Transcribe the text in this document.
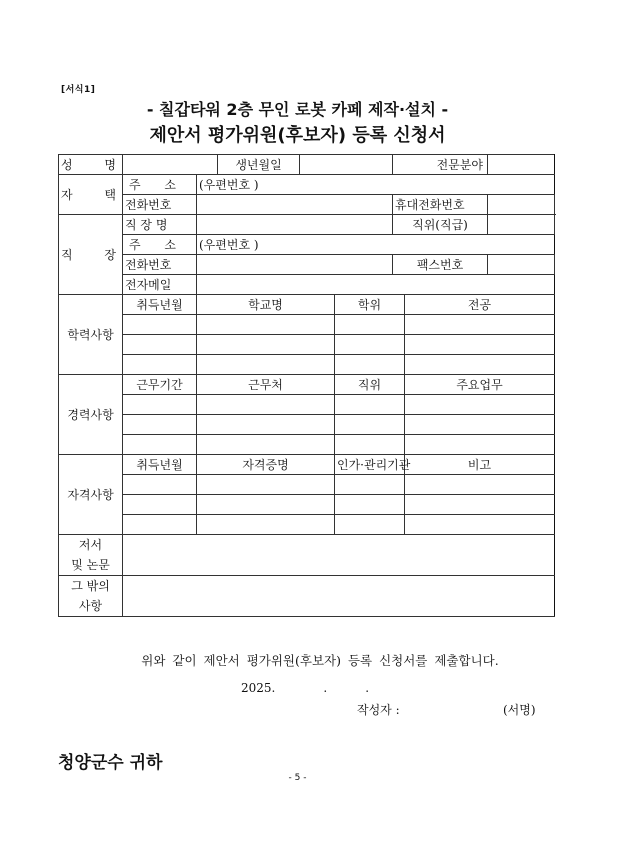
[서식1]
- 칠갑타워 2층 무인 로봇 카페 제작·설치 -
제안서 평가위원(후보자) 등록 신청서
성 명			생년월일			전문분야		
자 택	주 소	(우편번호 )						
	전화번호					휴대전화번호		
직 장	직 장 명					직위(직급)		
	주 소	(우편번호 )						
	전화번호					팩스번호		
	전자메일							
학력사항	취득년월	학교명			학위		전공	

경력사항	근무기간	근무처			직위		주요업무	

자격사항	취득년월	자격증명			인가·관리기관		비고	

저서
및 논문								

그 밖의
사항								

위와 같이 제안서 평가위원(후보자) 등록 신청서를 제출합니다.
2025.	.	.
작성자 :	(서명)
청양군수 귀하
- 5 -
